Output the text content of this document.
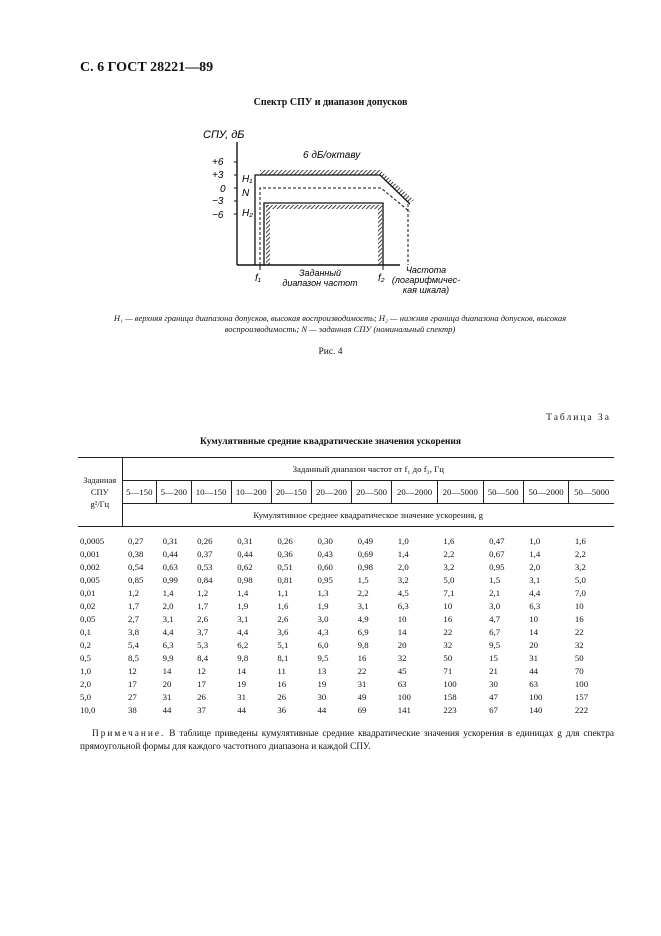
С. 6 ГОСТ 28221—89
Спектр СПУ и диапазон допусков
СПУ, дБ
+6
+3
0
−3
−6
H₁
N
H₂
6 дБ/октаву
f₁	f₂
Заданный
диапазон частот
Частота
(логарифмичес-
кая шкала)
H₁ — верхняя граница диапазона допусков, высокая воспроизводимость; H₂ — нижняя граница диапазона допусков, высокая воспроизводимость; N — заданная СПУ (номинальный спектр)
Рис. 4
Таблица 3а
Кумулятивные средние квадратические значения ускорения
Заданная
СПУ
g²/Гц	Заданный диапазон частот от f₁ до f₂, Гц											
	5—150	5—200	10—150	10—200	20—150	20—200	20—500	20—2000	20—5000	50—500	50—2000	50—5000
	Кумулятивное среднее квадратическое значение ускорения, g											
0,0005	0,27	0,31	0,26	0,31	0,26	0,30	0,49	1,0	1,6	0,47	1,0	1,6
0,001	0,38	0,44	0,37	0,44	0,36	0,43	0,69	1,4	2,2	0,67	1,4	2,2
0,002	0,54	0,63	0,53	0,62	0,51	0,60	0,98	2,0	3,2	0,95	2,0	3,2
0,005	0,85	0,99	0,84	0,98	0,81	0,95	1,5	3,2	5,0	1,5	3,1	5,0
0,01	1,2	1,4	1,2	1,4	1,1	1,3	2,2	4,5	7,1	2,1	4,4	7,0
0,02	1,7	2,0	1,7	1,9	1,6	1,9	3,1	6,3	10	3,0	6,3	10
0,05	2,7	3,1	2,6	3,1	2,6	3,0	4,9	10	16	4,7	10	16
0,1	3,8	4,4	3,7	4,4	3,6	4,3	6,9	14	22	6,7	14	22
0,2	5,4	6,3	5,3	6,2	5,1	6,0	9,8	20	32	9,5	20	32
0,5	8,5	9,9	8,4	9,8	8,1	9,5	16	32	50	15	31	50
1,0	12	14	12	14	11	13	22	45	71	21	44	70
2,0	17	20	17	19	16	19	31	63	100	30	63	100
5,0	27	31	26	31	26	30	49	100	158	47	100	157
10,0	38	44	37	44	36	44	69	141	223	67	140	222
Примечание. В таблице приведены кумулятивные средние квадратические значения ускорения в единицах g для спектра прямоугольной формы для каждого частотного диапазона и каждой СПУ.
